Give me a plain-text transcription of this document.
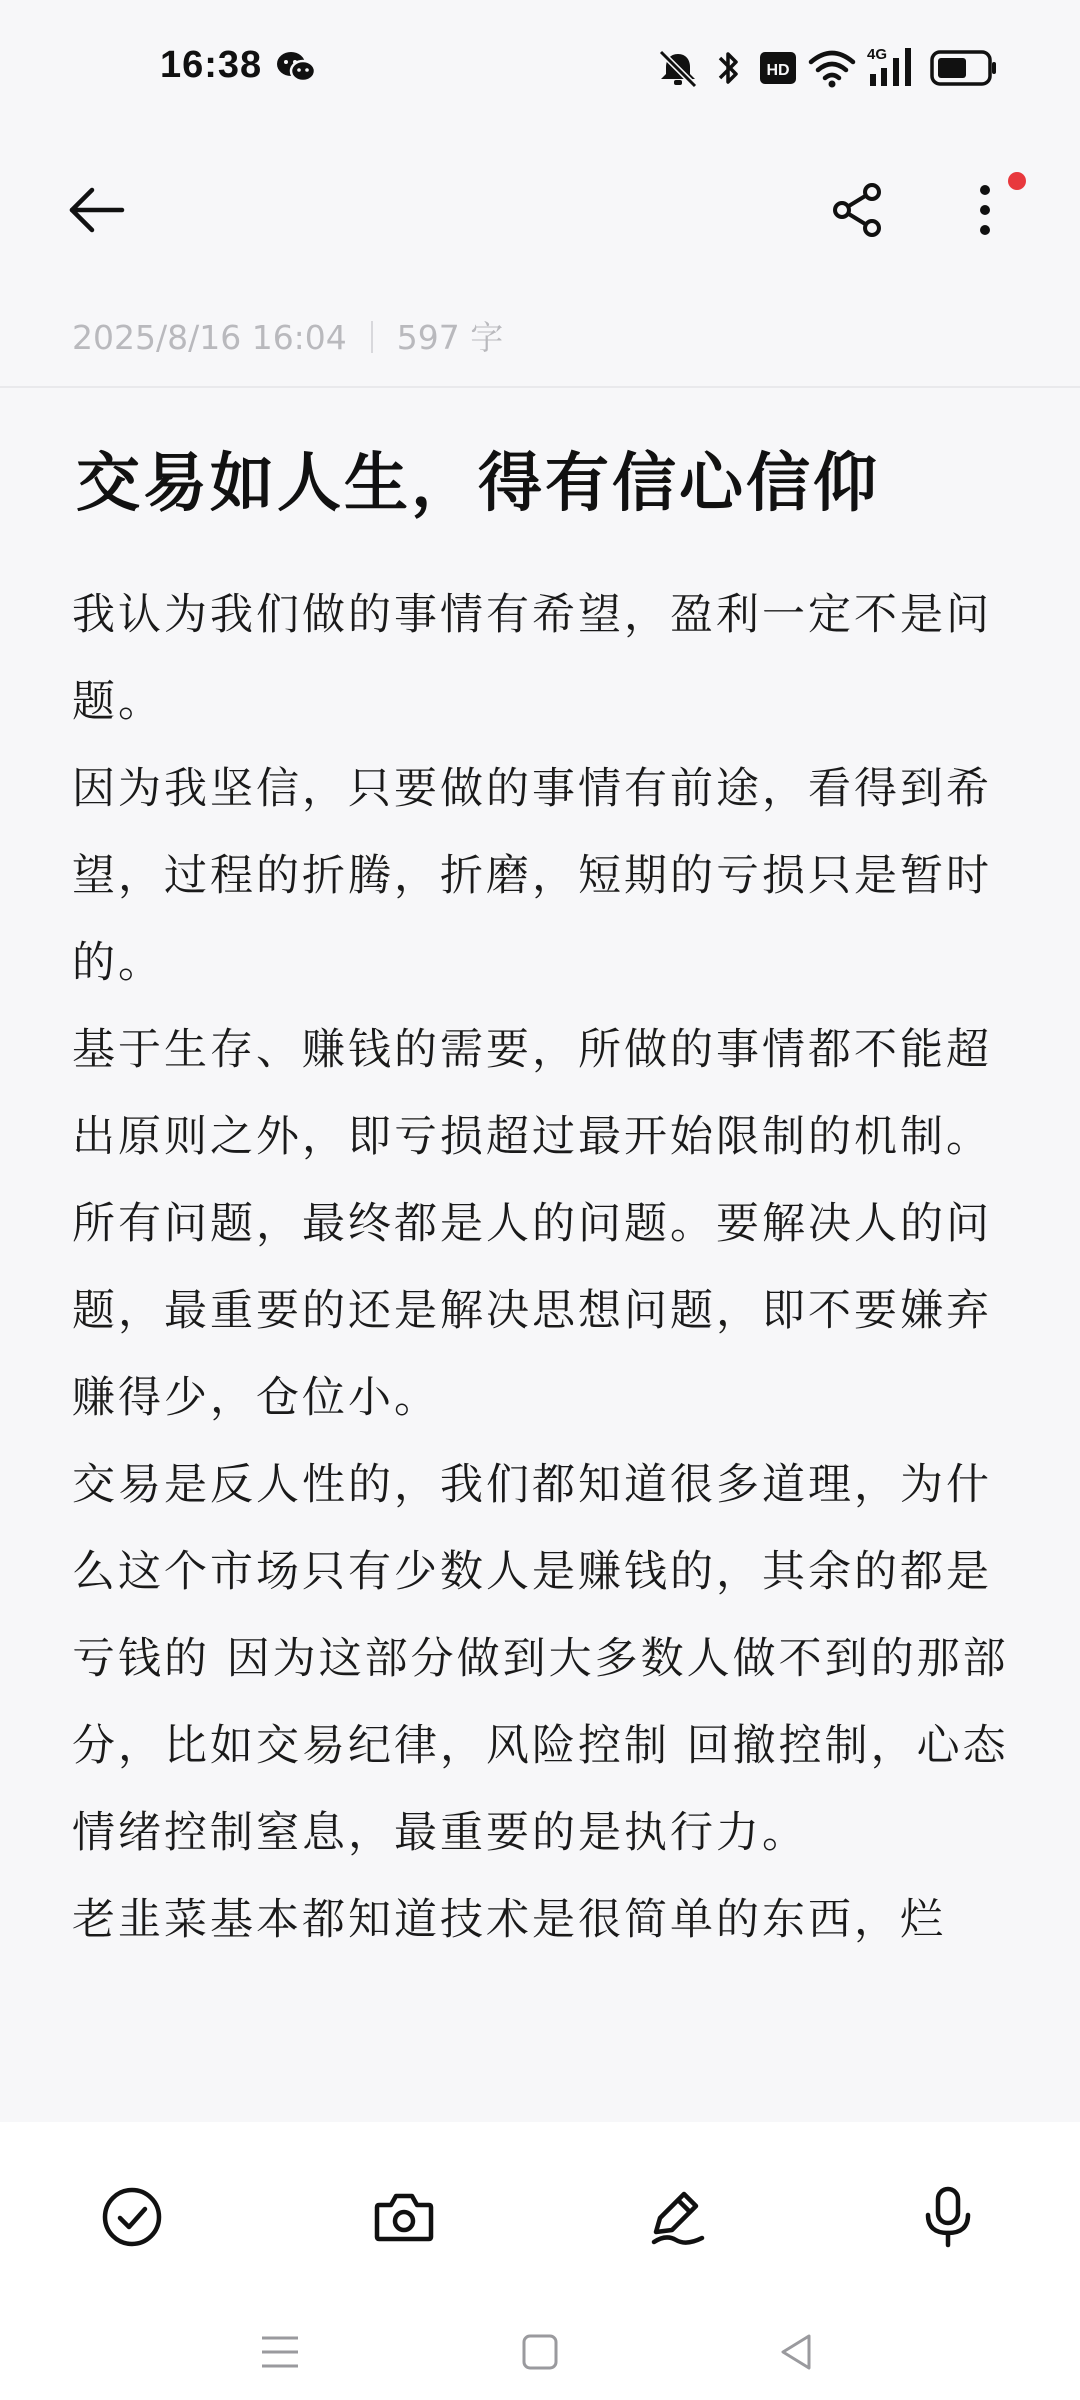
16:38	HD
4G
2025/8/16 16:04 597 字
交易如人生，得有信心信仰

我认为我们做的事情有希望，盈利一定不是问题。

因为我坚信，只要做的事情有前途，看得到希望，过程的折腾，折磨，短期的亏损只是暂时的。

基于生存、赚钱的需要，所做的事情都不能超出原则之外，即亏损超过最开始限制的机制。

所有问题，最终都是人的问题。要解决人的问题，最重要的还是解决思想问题，即不要嫌弃赚得少，仓位小。

交易是反人性的，我们都知道很多道理，为什么这个市场只有少数人是赚钱的，其余的都是亏钱的 因为这部分做到大多数人做不到的那部分，比如交易纪律，风险控制 回撤控制，心态情绪控制窒息，最重要的是执行力。

老韭菜基本都知道技术是很简单的东西，烂
